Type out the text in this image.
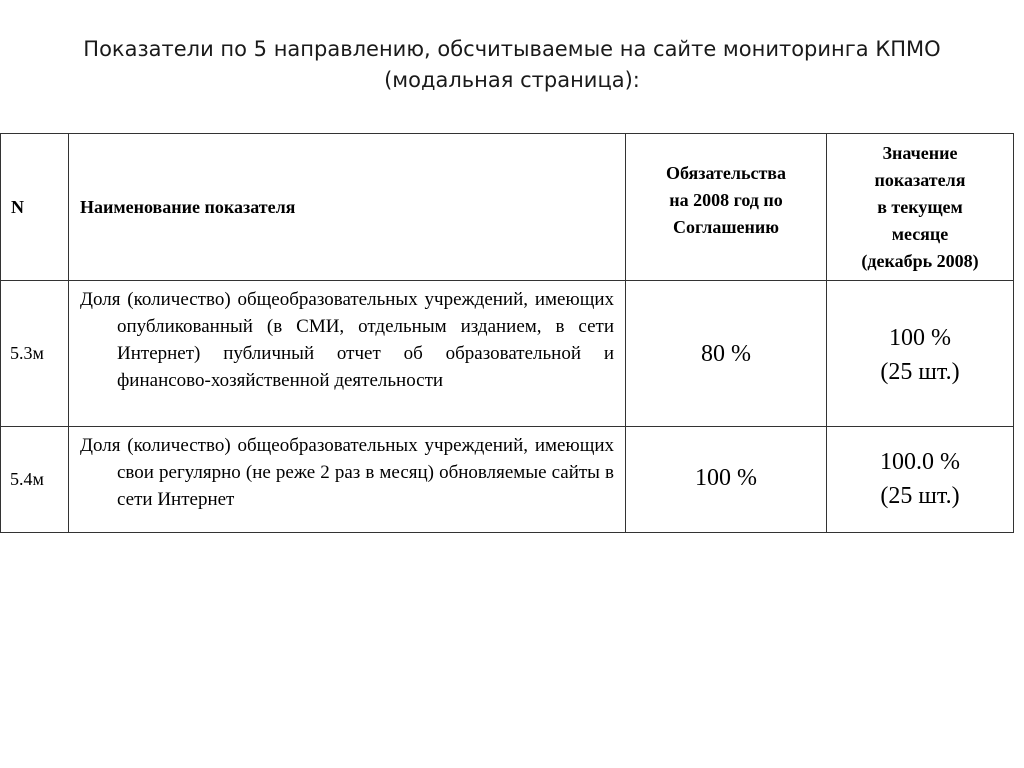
Показатели по 5 направлению, обсчитываемые на сайте мониторинга КПМО
(модальная страница):
N	Наименование показателя	Обязательства
на 2008 год по
Соглашению	Значение
показателя
в текущем
месяце
(декабрь 2008)

5.3м	Доля (количество) общеобразовательных учреждений, имеющих опубликованный (в СМИ, отдельным изданием, в сети Интернет) публичный отчет об образовательной и финансово-хозяйственной деятельности	80 %	100 %
(25 шт.)

5.4м	Доля (количество) общеобразовательных учреждений, имеющих свои регулярно (не реже 2 раз в месяц) обновляемые сайты в сети Интернет	100 %	100.0 %
(25 шт.)
